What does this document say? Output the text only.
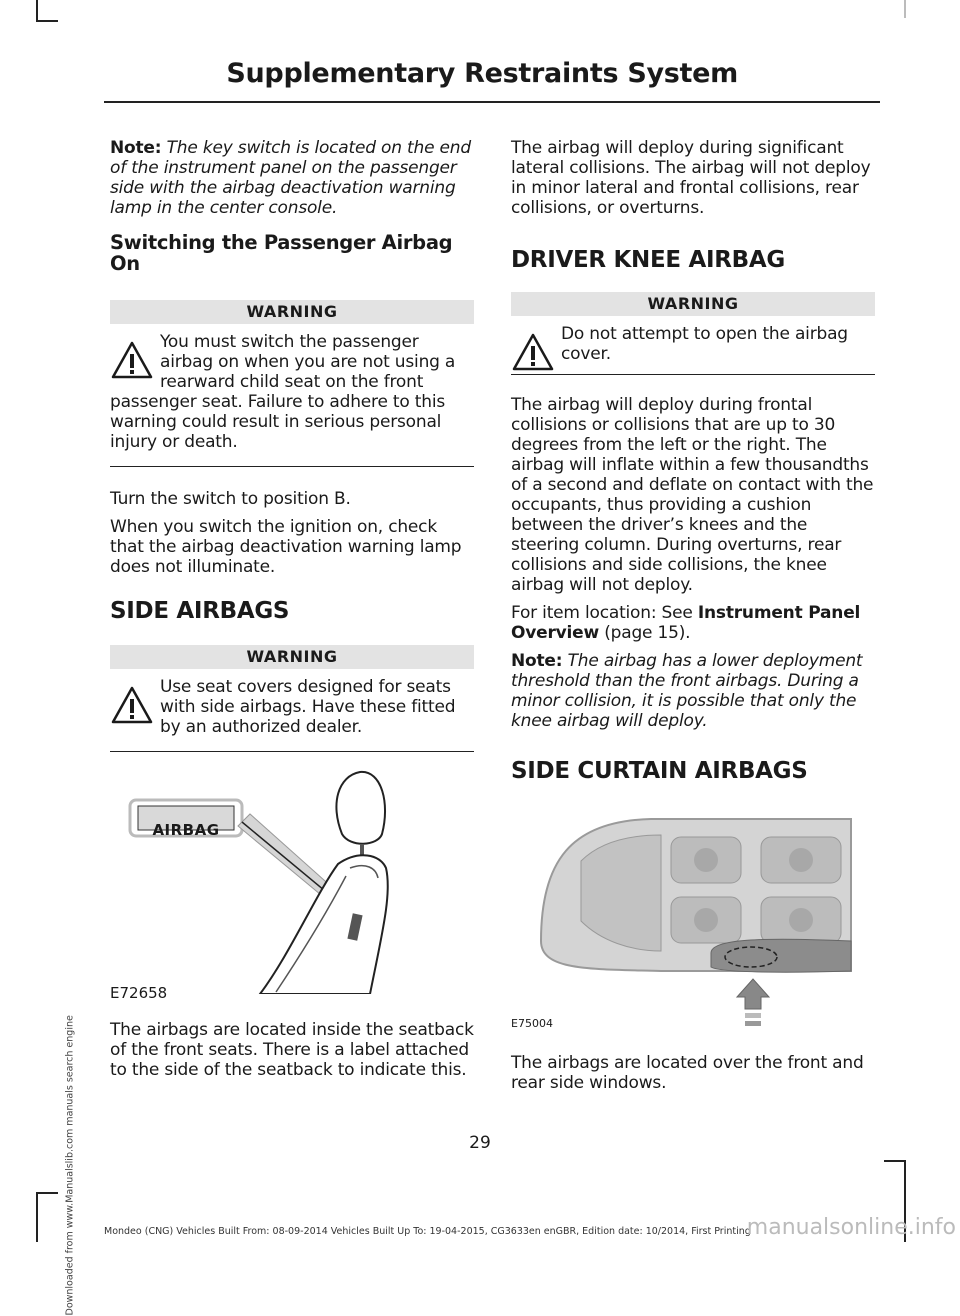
Downloaded from www.Manualslib.com manuals search engine
Supplementary Restraints System

Note: The key switch is located on the end of the instrument panel on the passenger side with the airbag deactivation warning lamp in the center console.

Switching the Passenger Airbag On
WARNING
You must switch the passenger airbag on when you are not using a rearward child seat on the front passenger seat. Failure to adhere to this warning could result in serious personal injury or death.

Turn the switch to position B.

When you switch the ignition on, check that the airbag deactivation warning lamp does not illuminate.

SIDE AIRBAGS
WARNING
Use seat covers designed for seats with side airbags. Have these fitted by an authorized dealer.
AIRBAG
E72658

The airbags are located inside the seatback of the front seats. There is a label attached to the side of the seatback to indicate this.

The airbag will deploy during significant lateral collisions. The airbag will not deploy in minor lateral and frontal collisions, rear collisions, or overturns.

DRIVER KNEE AIRBAG
WARNING
Do not attempt to open the airbag cover.

The airbag will deploy during frontal collisions or collisions that are up to 30 degrees from the left or the right. The airbag will inflate within a few thousandths of a second and deflate on contact with the occupants, thus providing a cushion between the driver’s knees and the steering column. During overturns, rear collisions and side collisions, the knee airbag will not deploy.

For item location: See Instrument Panel Overview (page 15).

Note: The airbag has a lower deployment threshold than the front airbags. During a minor collision, it is possible that only the knee airbag will deploy.

SIDE CURTAIN AIRBAGS
E75004

The airbags are located over the front and rear side windows.

29
Mondeo (CNG) Vehicles Built From: 08-09-2014 Vehicles Built Up To: 19-04-2015, CG3633en enGBR, Edition date: 10/2014, First Printing
manualsonline.info
